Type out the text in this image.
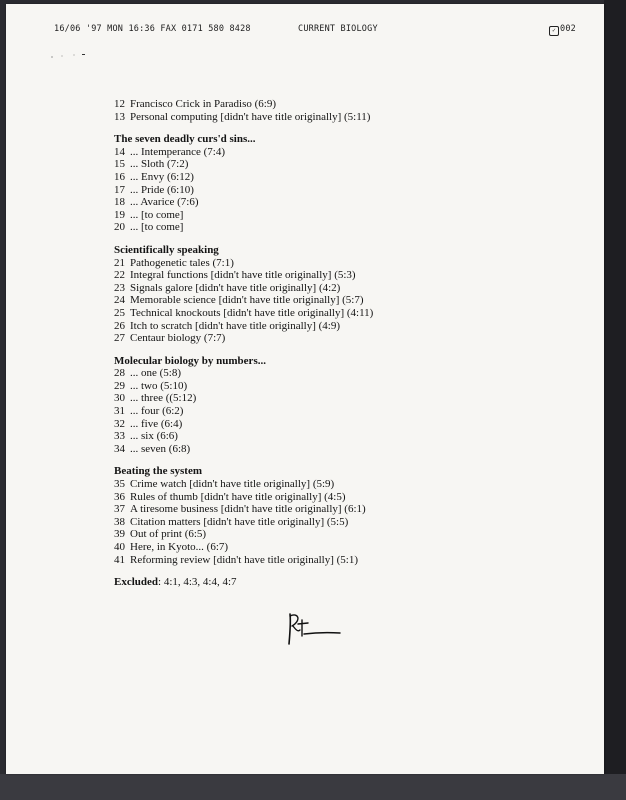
16/06 '97 MON 16:36 FAX 0171 580 8428	CURRENT BIOLOGY	✓ 002
12 Francisco Crick in Paradiso (6:9)
13 Personal computing [didn't have title originally] (5:11)
The seven deadly curs'd sins...
14 ... Intemperance (7:4)
15 ... Sloth (7:2)
16 ... Envy (6:12)
17 ... Pride (6:10)
18 ... Avarice (7:6)
19 ... [to come]
20 ... [to come]
Scientifically speaking
21 Pathogenetic tales (7:1)
22 Integral functions [didn't have title originally] (5:3)
23 Signals galore [didn't have title originally] (4:2)
24 Memorable science [didn't have title originally] (5:7)
25 Technical knockouts [didn't have title originally] (4:11)
26 Itch to scratch [didn't have title originally] (4:9)
27 Centaur biology (7:7)
Molecular biology by numbers...
28 ... one (5:8)
29 ... two (5:10)
30 ... three ((5:12)
31 ... four (6:2)
32 ... five (6:4)
33 ... six (6:6)
34 ... seven (6:8)
Beating the system
35 Crime watch [didn't have title originally] (5:9)
36 Rules of thumb [didn't have title originally] (4:5)
37 A tiresome business [didn't have title originally] (6:1)
38 Citation matters [didn't have title originally] (5:5)
39 Out of print (6:5)
40 Here, in Kyoto... (6:7)
41 Reforming review [didn't have title originally] (5:1)
Excluded: 4:1, 4:3, 4:4, 4:7
